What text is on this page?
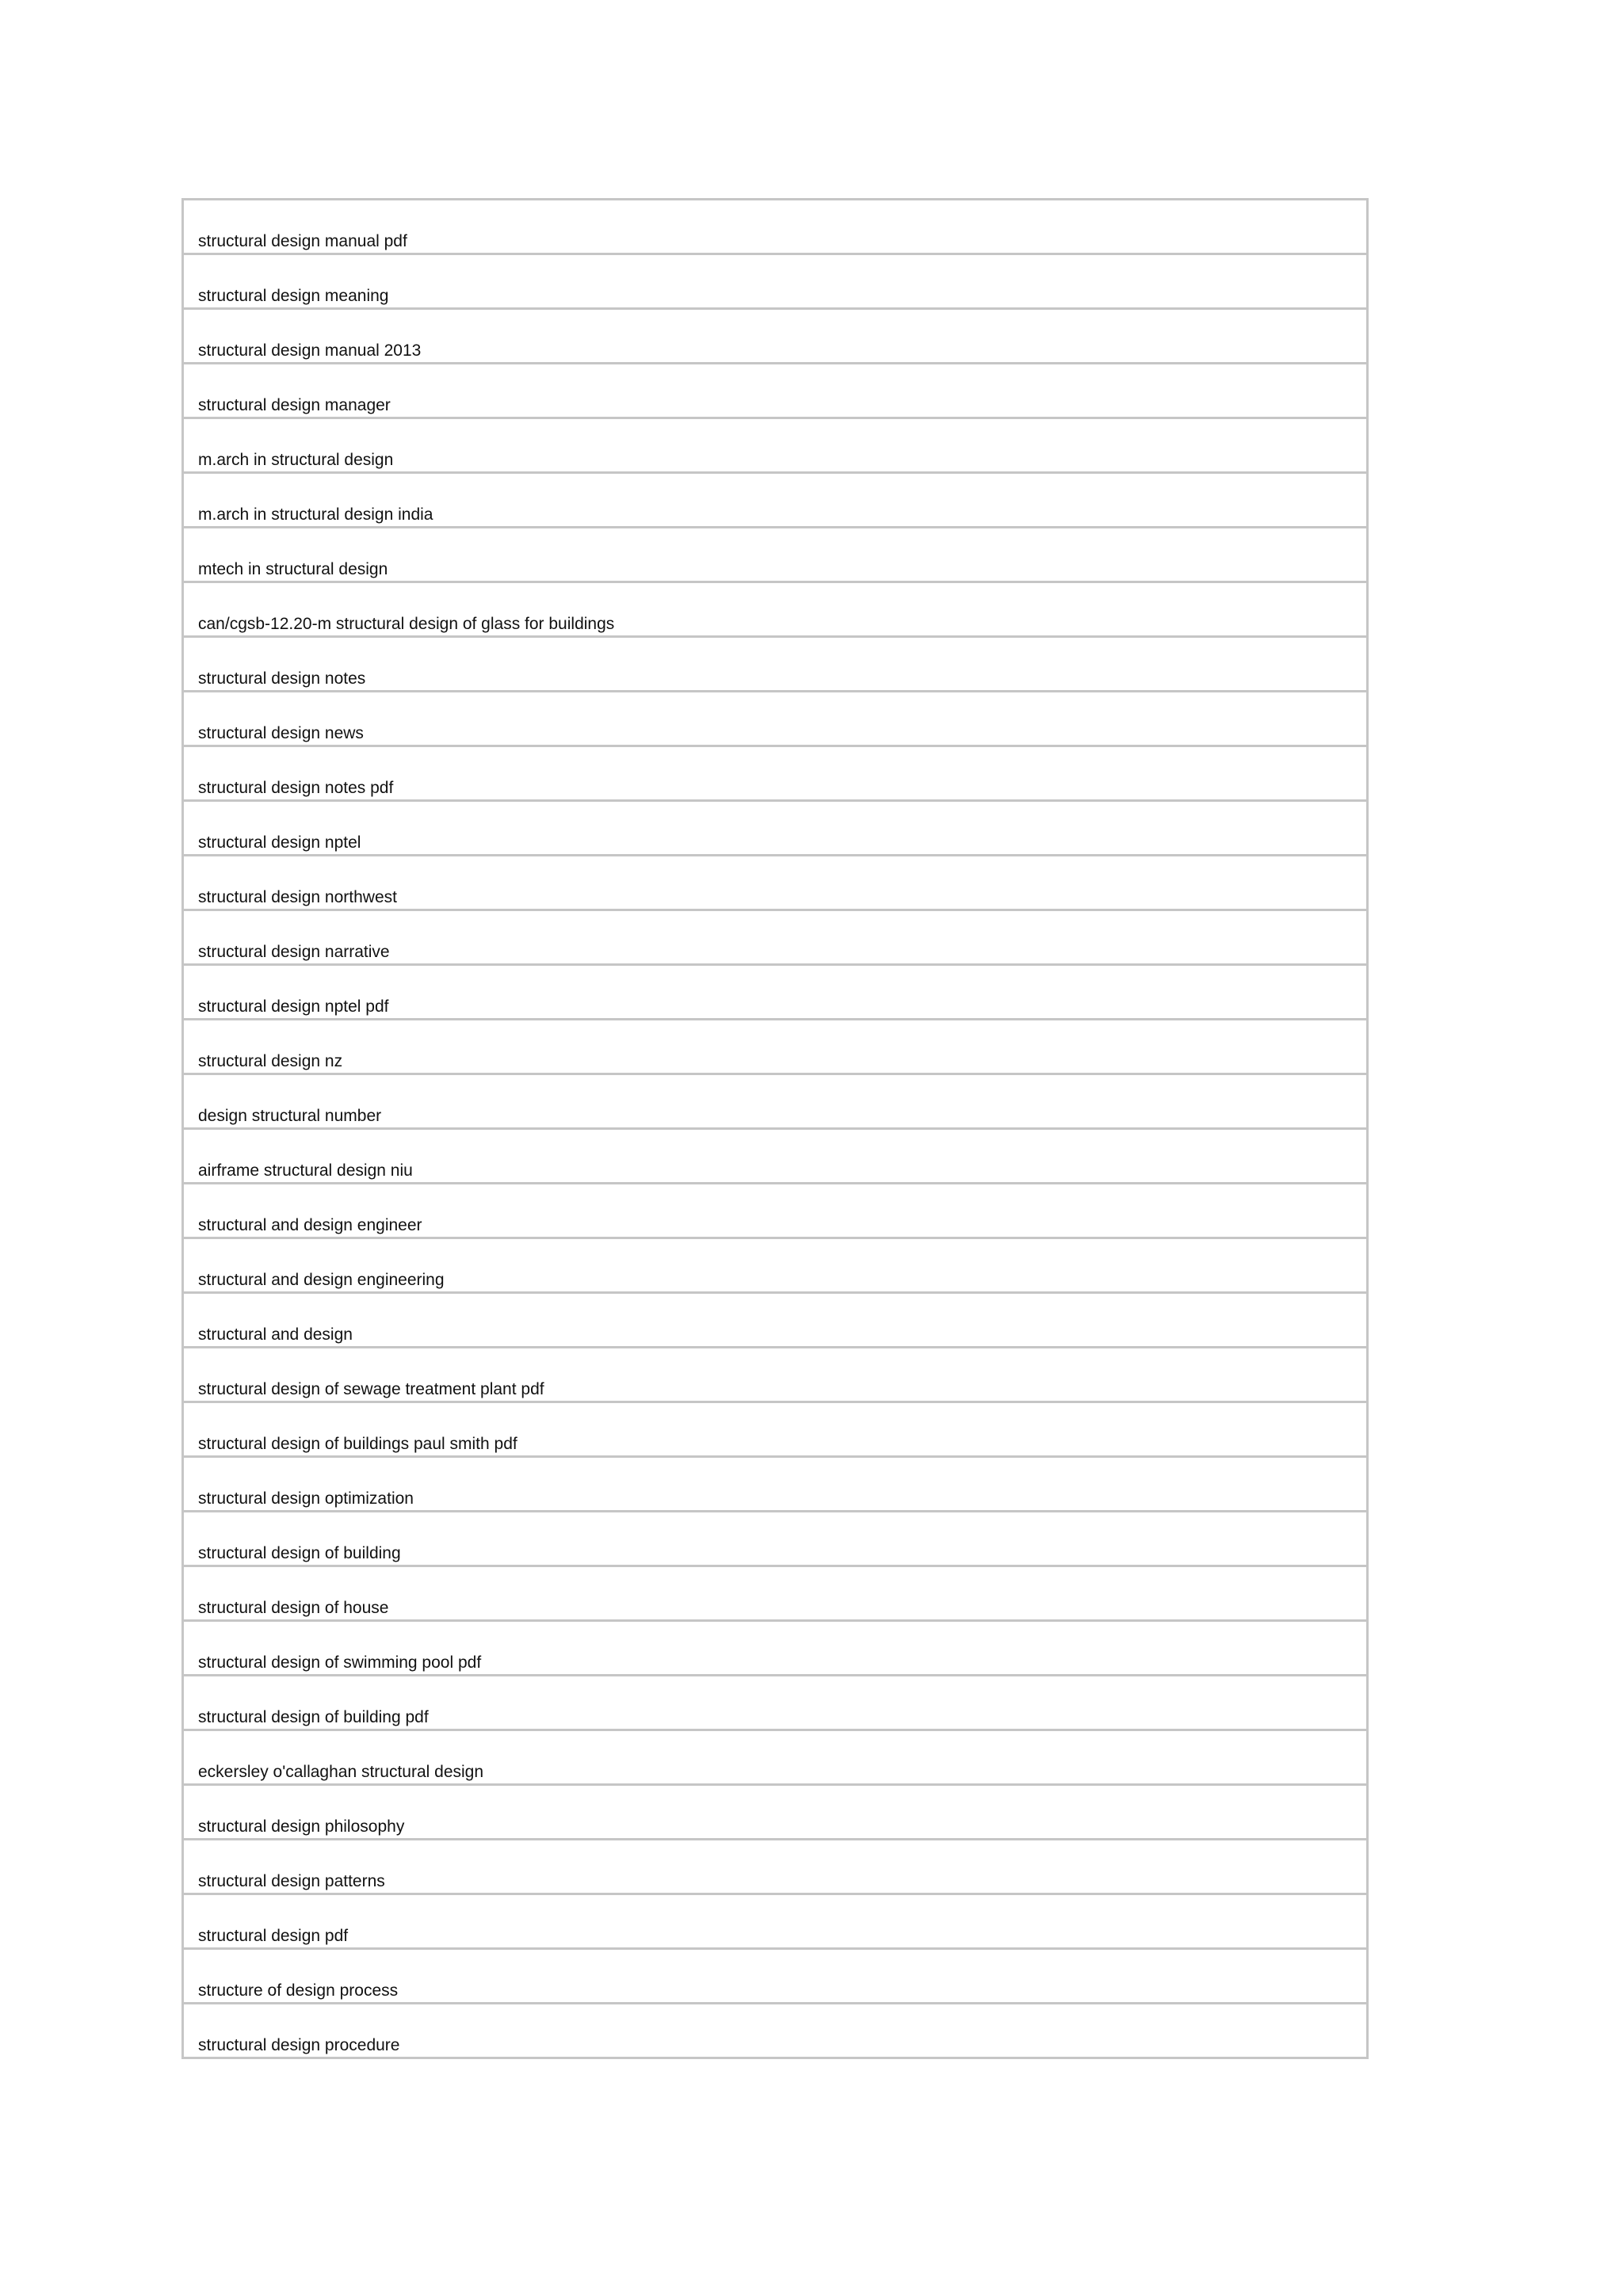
structural design manual pdf

structural design meaning

structural design manual 2013

structural design manager

m.arch in structural design

m.arch in structural design india

mtech in structural design

can/cgsb-12.20-m structural design of glass for buildings

structural design notes

structural design news

structural design notes pdf

structural design nptel

structural design northwest

structural design narrative

structural design nptel pdf

structural design nz

design structural number

airframe structural design niu

structural and design engineer

structural and design engineering

structural and design

structural design of sewage treatment plant pdf

structural design of buildings paul smith pdf

structural design optimization

structural design of building

structural design of house

structural design of swimming pool pdf

structural design of building pdf

eckersley o'callaghan structural design

structural design philosophy

structural design patterns

structural design pdf

structure of design process

structural design procedure
